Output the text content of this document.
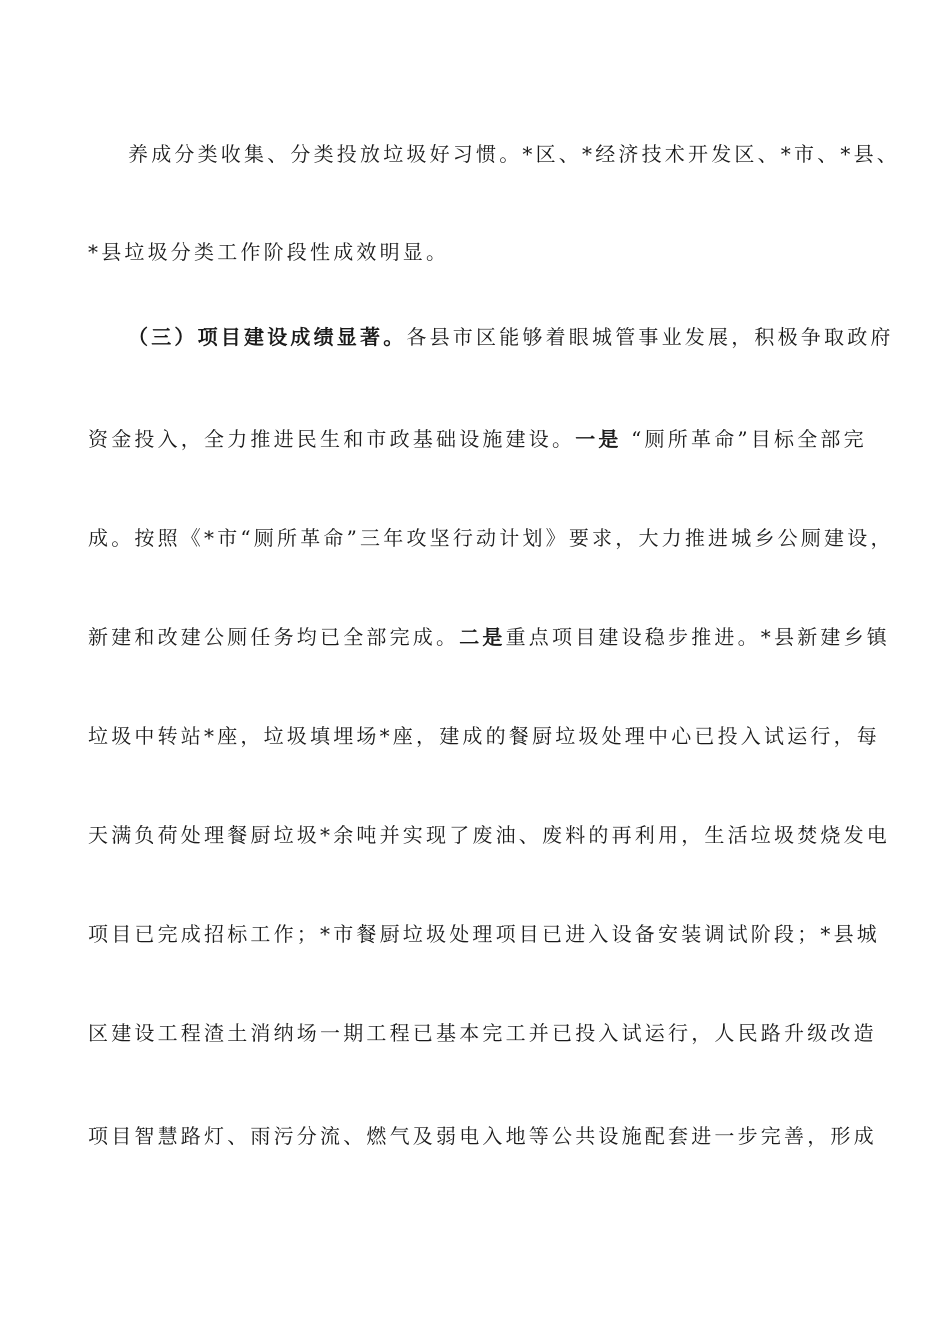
养成分类收集、分类投放垃圾好习惯。*区、*经济技术开发区、*市、*县、
*县垃圾分类工作阶段性成效明显。
（三）项目建设成绩显著。各县市区能够着眼城管事业发展，积极争取政府
资金投入，全力推进民生和市政基础设施建设。一是 “厕所革命”目标全部完
成。按照《*市“厕所革命”三年攻坚行动计划》要求，大力推进城乡公厕建设，
新建和改建公厕任务均已全部完成。二是重点项目建设稳步推进。*县新建乡镇
垃圾中转站*座，垃圾填埋场*座，建成的餐厨垃圾处理中心已投入试运行，每
天满负荷处理餐厨垃圾*余吨并实现了废油、废料的再利用，生活垃圾焚烧发电
项目已完成招标工作；*市餐厨垃圾处理项目已进入设备安装调试阶段；*县城
区建设工程渣土消纳场一期工程已基本完工并已投入试运行，人民路升级改造
项目智慧路灯、雨污分流、燃气及弱电入地等公共设施配套进一步完善，形成
